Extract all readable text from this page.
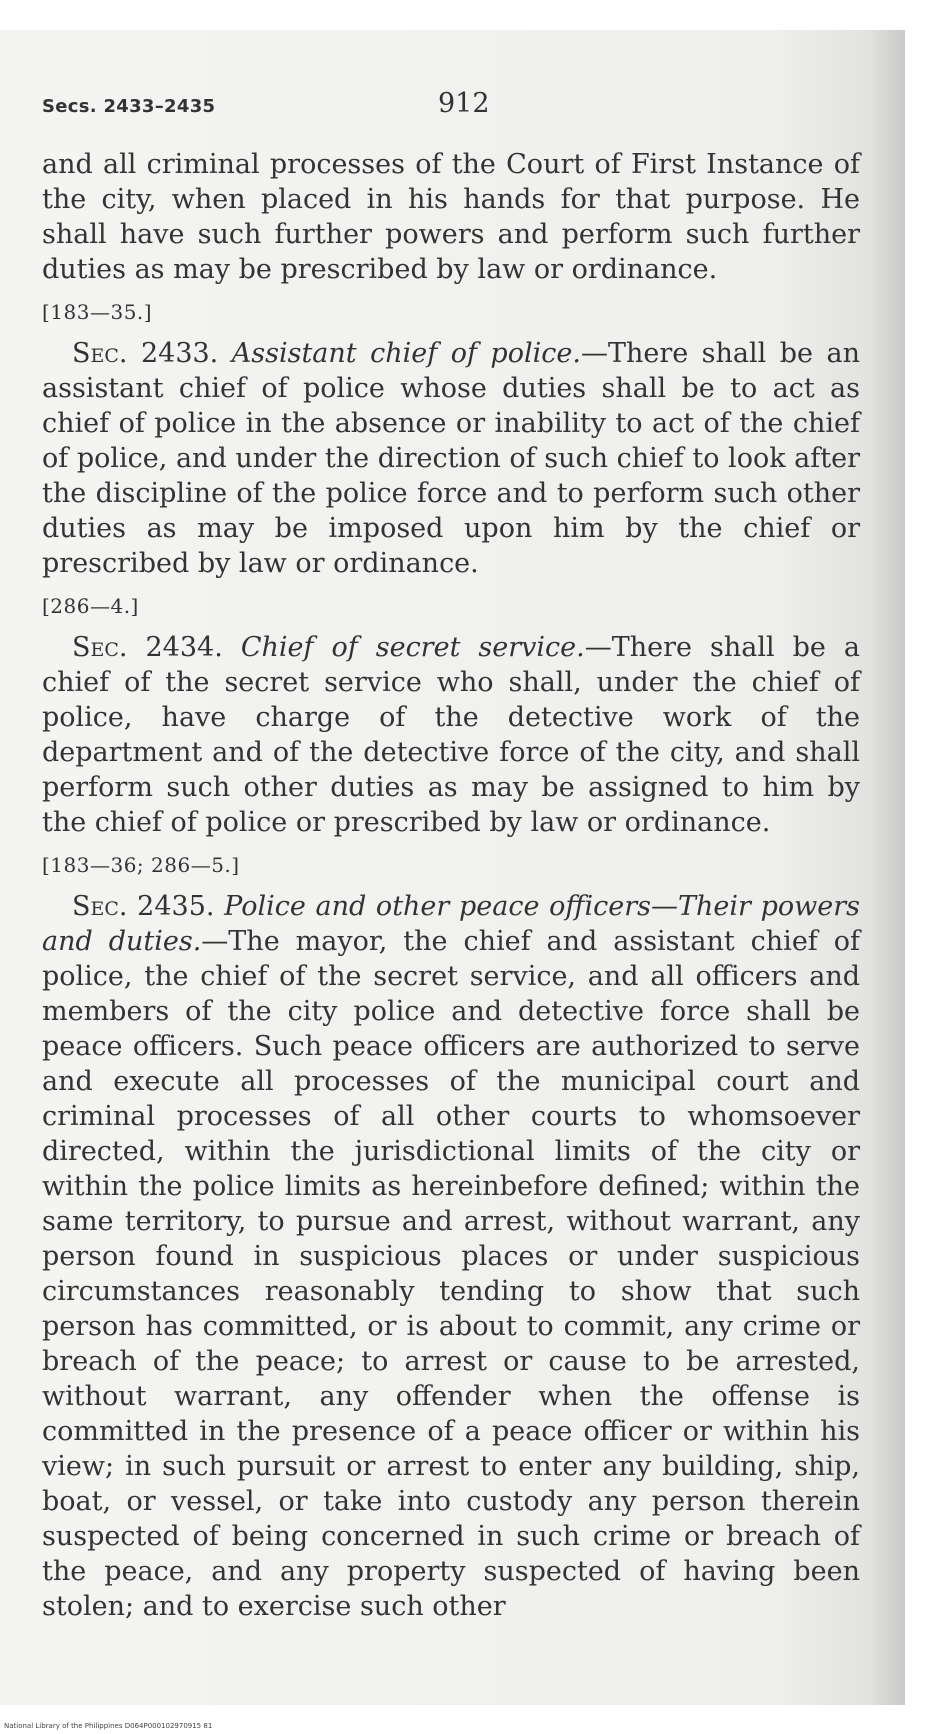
Secs. 2433–2435	912

and all criminal processes of the Court of First Instance of the city, when placed in his hands for that purpose. He shall have such further powers and perform such further duties as may be prescribed by law or ordinance.

[183—35.]

Sec. 2433. Assistant chief of police.—There shall be an assistant chief of police whose duties shall be to act as chief of police in the absence or inability to act of the chief of police, and under the direction of such chief to look after the discipline of the police force and to perform such other duties as may be imposed upon him by the chief or prescribed by law or ordinance.

[286—4.]

Sec. 2434. Chief of secret service.—There shall be a chief of the secret service who shall, under the chief of police, have charge of the detective work of the department and of the detective force of the city, and shall perform such other duties as may be assigned to him by the chief of police or prescribed by law or ordinance.

[183—36; 286—5.]

Sec. 2435. Police and other peace officers—Their powers and duties.—The mayor, the chief and assistant chief of police, the chief of the secret service, and all officers and members of the city police and detective force shall be peace officers. Such peace officers are authorized to serve and execute all processes of the municipal court and criminal processes of all other courts to whomsoever directed, within the jurisdictional limits of the city or within the police limits as hereinbefore defined; within the same territory, to pursue and arrest, without warrant, any person found in suspicious places or under suspicious circumstances reasonably tending to show that such person has committed, or is about to commit, any crime or breach of the peace; to arrest or cause to be arrested, without warrant, any offender when the offense is committed in the presence of a peace officer or within his view; in such pursuit or arrest to enter any building, ship, boat, or vessel, or take into custody any person therein suspected of being concerned in such crime or breach of the peace, and any property suspected of having been stolen; and to exercise such other

National Library of the Philippines D064P000102970915 81
